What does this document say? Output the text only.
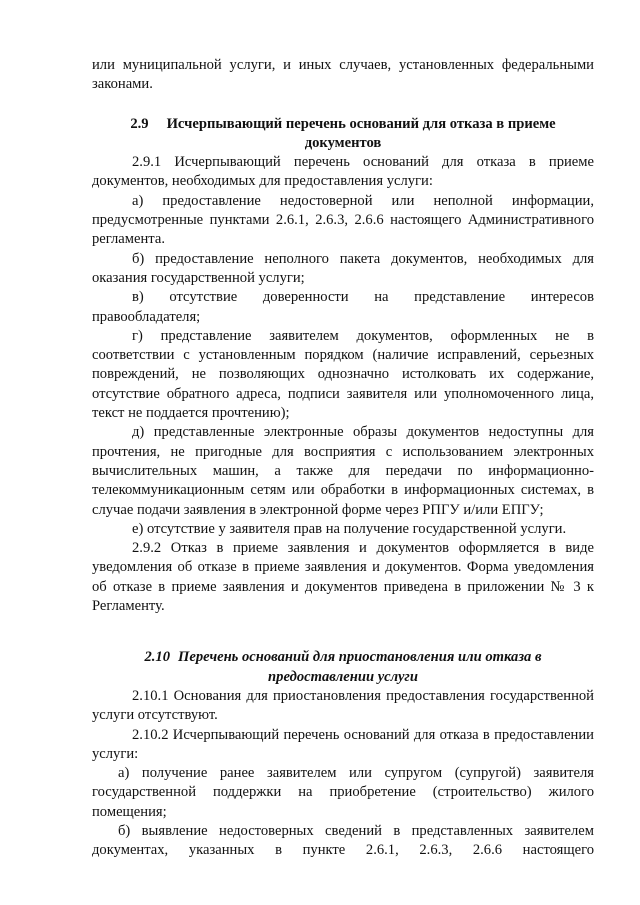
или муниципальной услуги, и иных случаев, установленных федеральными

законами.

2.9 Исчерпывающий перечень оснований для отказа в приеме
документов

2.9.1 Исчерпывающий перечень оснований для отказа в приеме документов, необходимых для предоставления услуги:

а) предоставление недостоверной или неполной информации, предусмотренные пунктами 2.6.1, 2.6.3, 2.6.6 настоящего Административного регламента.

б) предоставление неполного пакета документов, необходимых для оказания государственной услуги;

в) отсутствие доверенности на представление интересов правообладателя;

г) представление заявителем документов, оформленных не в соответствии с установленным порядком (наличие исправлений, серьезных повреждений, не позволяющих однозначно истолковать их содержание, отсутствие обратного адреса, подписи заявителя или уполномоченного лица, текст не поддается прочтению);

д) представленные электронные образы документов недоступны для прочтения, не пригодные для восприятия с использованием электронных вычислительных машин, а также для передачи по информационно-телекоммуникационным сетям или обработки в информационных системах, в случае подачи заявления в электронной форме через РПГУ и/или ЕПГУ;

е) отсутствие у заявителя прав на получение государственной услуги.

2.9.2 Отказ в приеме заявления и документов оформляется в виде уведомления об отказе в приеме заявления и документов. Форма уведомления об отказе в приеме заявления и документов приведена в приложении № 3 к Регламенту.

2.10 Перечень оснований для приостановления или отказа в
предоставлении услуги

2.10.1 Основания для приостановления предоставления государственной услуги отсутствуют.

2.10.2 Исчерпывающий перечень оснований для отказа в предоставлении услуги:

а) получение ранее заявителем или супругом (супругой) заявителя государственной поддержки на приобретение (строительство) жилого помещения;

б) выявление недостоверных сведений в представленных заявителем документах, указанных в пункте 2.6.1, 2.6.3, 2.6.6 настоящего
